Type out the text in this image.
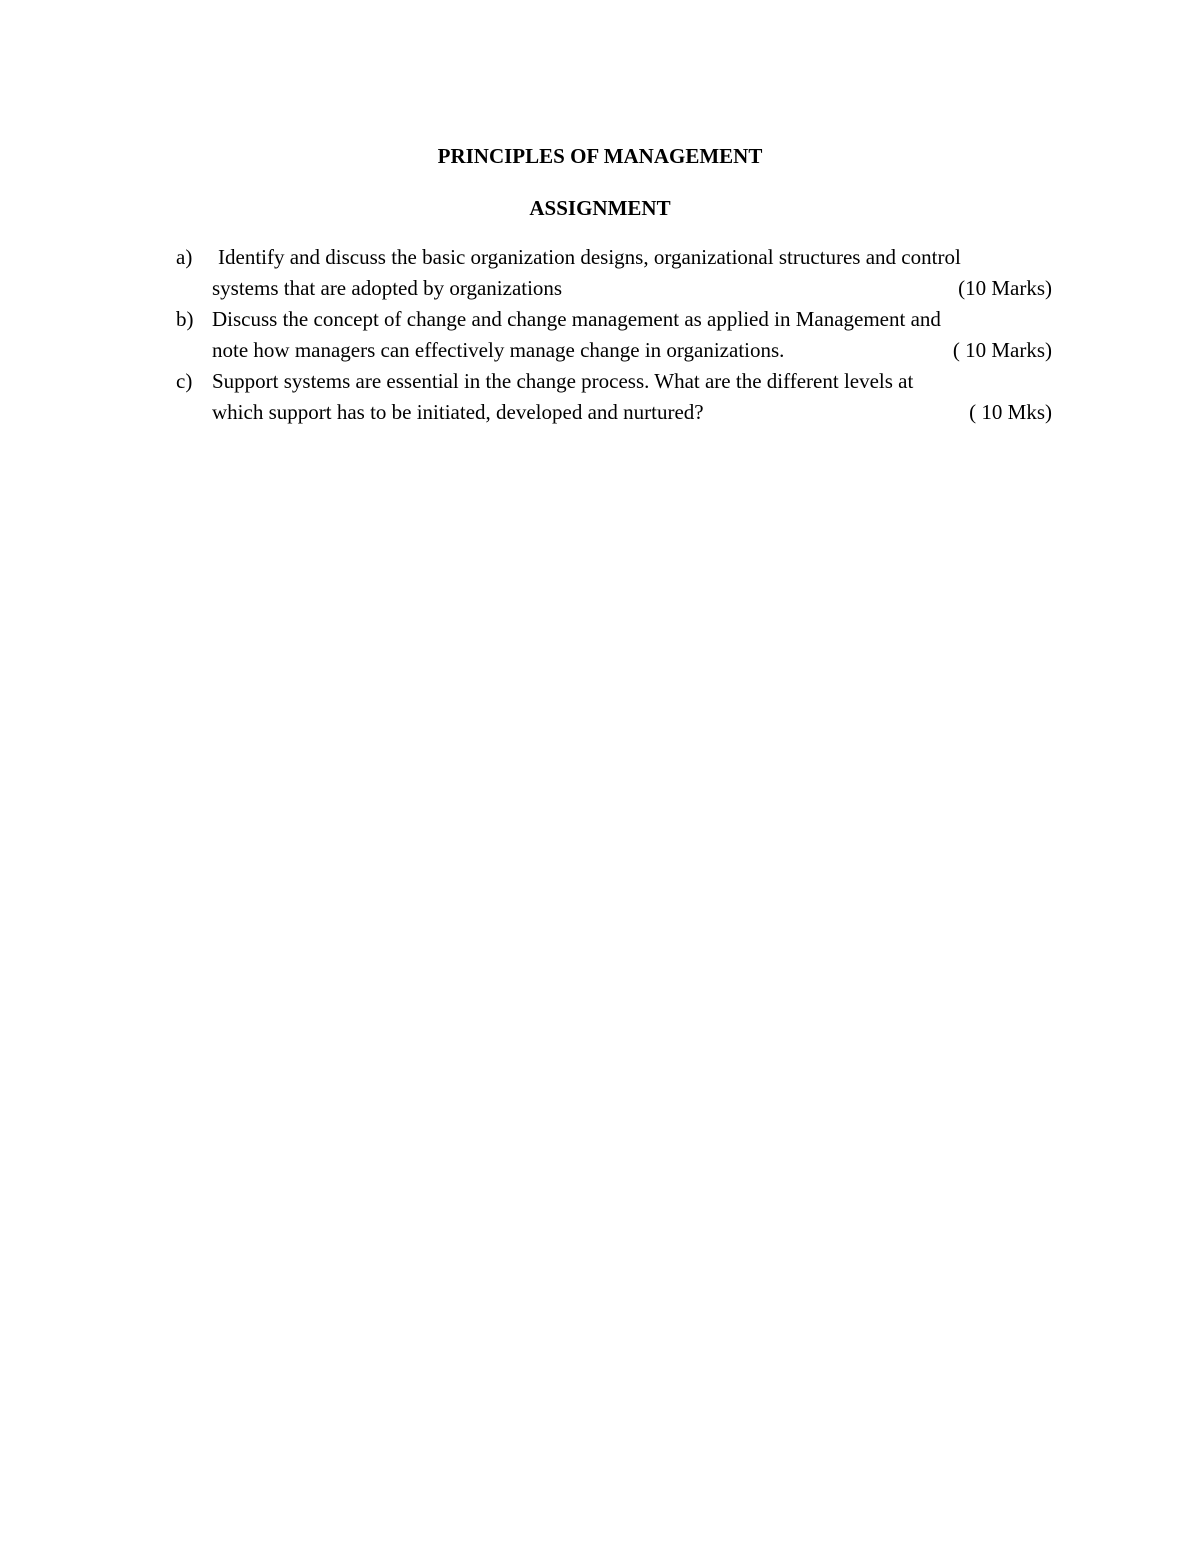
PRINCIPLES OF MANAGEMENT
ASSIGNMENT
a) Identify and discuss the basic organization designs, organizational structures and control
systems that are adopted by organizations	(10 Marks)
b) Discuss the concept of change and change management as applied in Management and
note how managers can effectively manage change in organizations.	( 10 Marks)
c) Support systems are essential in the change process. What are the different levels at
which support has to be initiated, developed and nurtured?	( 10 Mks)
